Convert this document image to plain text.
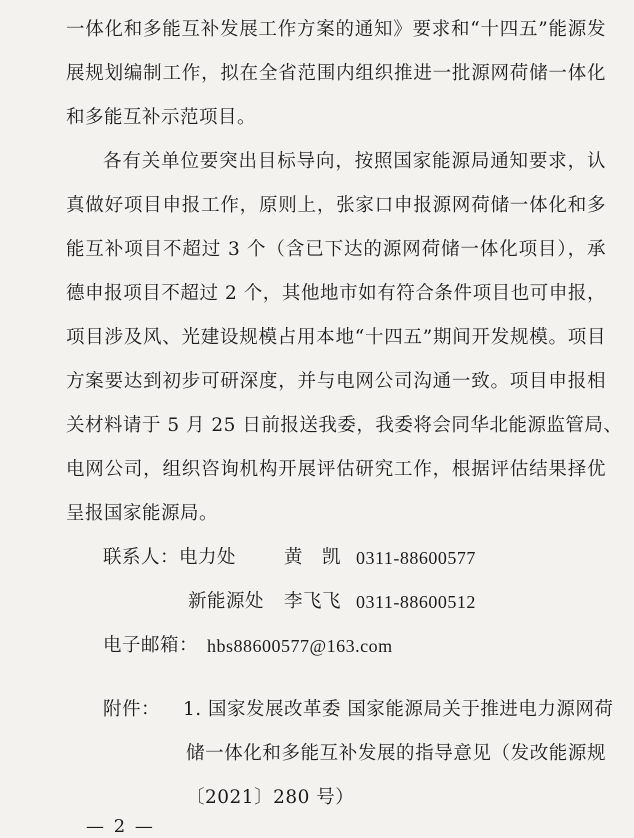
一体化和多能互补发展工作方案的通知》要求和“十四五”能源发
展规划编制工作，拟在全省范围内组织推进一批源网荷储一体化
和多能互补示范项目。
各有关单位要突出目标导向，按照国家能源局通知要求，认
真做好项目申报工作，原则上，张家口申报源网荷储一体化和多
能互补项目不超过 3 个（含已下达的源网荷储一体化项目），承
德申报项目不超过 2 个，其他地市如有符合条件项目也可申报，
项目涉及风、光建设规模占用本地“十四五”期间开发规模。项目
方案要达到初步可研深度，并与电网公司沟通一致。项目申报相
关材料请于 5 月 25 日前报送我委，我委将会同华北能源监管局、
电网公司，组织咨询机构开展评估研究工作，根据评估结果择优
呈报国家能源局。
联系人：电力处	黄　凯 0311-88600577
新能源处	李飞飞 0311-88600512
电子邮箱： hbs88600577@163.com
附件：	1. 国家发展改革委 国家能源局关于推进电力源网荷
储一体化和多能互补发展的指导意见（发改能源规
〔2021〕280 号）
— 2 —
